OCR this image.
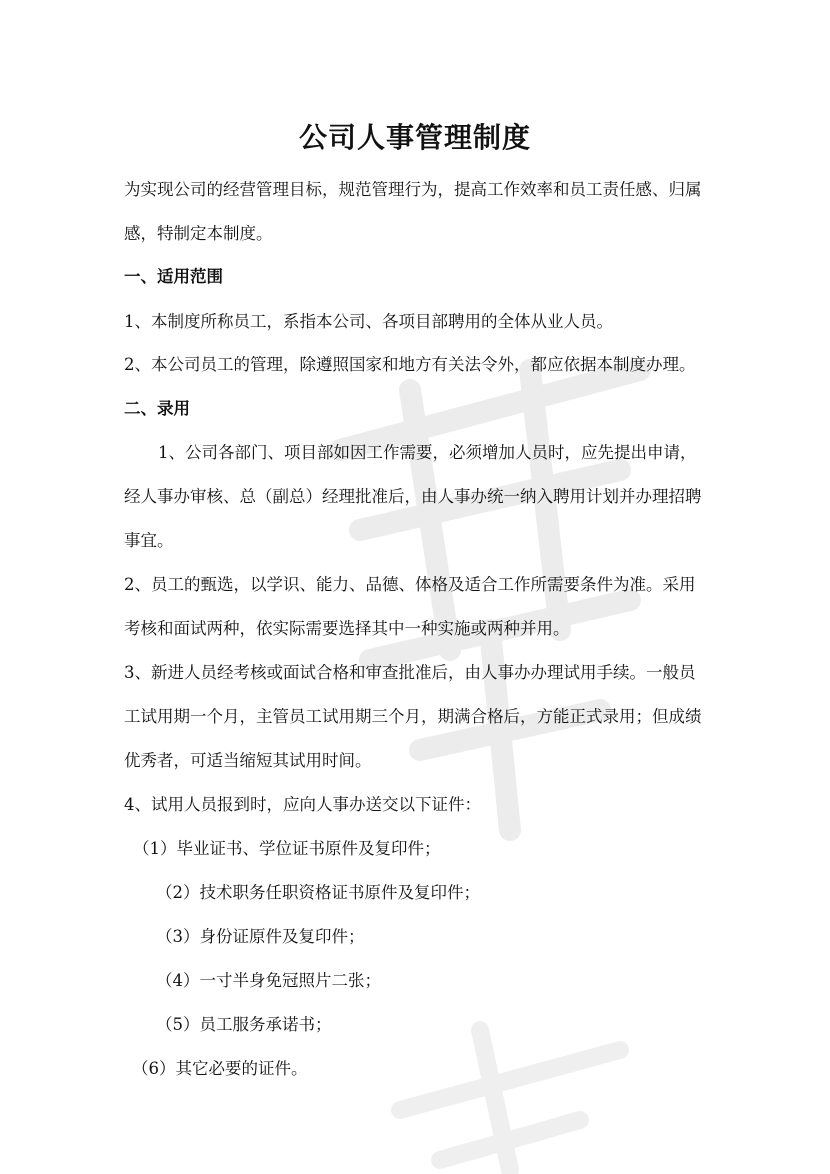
公司人事管理制度

为实现公司的经营管理目标，规范管理行为，提高工作效率和员工责任感、归属

感，特制定本制度。

一、适用范围

1、本制度所称员工，系指本公司、各项目部聘用的全体从业人员。

2、本公司员工的管理，除遵照国家和地方有关法令外，都应依据本制度办理。

二、录用

1、公司各部门、项目部如因工作需要，必须增加人员时，应先提出申请，

经人事办审核、总（副总）经理批准后，由人事办统一纳入聘用计划并办理招聘

事宜。

2、员工的甄选，以学识、能力、品德、体格及适合工作所需要条件为准。采用

考核和面试两种，依实际需要选择其中一种实施或两种并用。

3、新进人员经考核或面试合格和审查批准后，由人事办办理试用手续。一般员

工试用期一个月，主管员工试用期三个月，期满合格后，方能正式录用；但成绩

优秀者，可适当缩短其试用时间。

4、试用人员报到时，应向人事办送交以下证件：

（1）毕业证书、学位证书原件及复印件；

（2）技术职务任职资格证书原件及复印件；

（3）身份证原件及复印件；

（4）一寸半身免冠照片二张；

（5）员工服务承诺书；

（6）其它必要的证件。
